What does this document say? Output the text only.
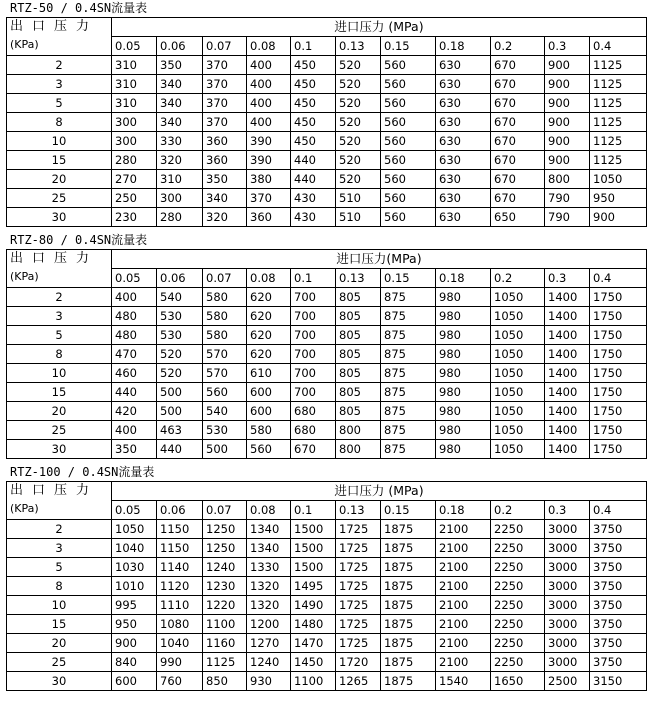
RTZ-50 / 0.4SN流量表
出口压力
(KPa)	进口压力 (MPa)										
	0.05	0.06	0.07	0.08	0.1	0.13	0.15	0.18	0.2	0.3	0.4
2	310	350	370	400	450	520	560	630	670	900	1125
3	310	340	370	400	450	520	560	630	670	900	1125
5	310	340	370	400	450	520	560	630	670	900	1125
8	300	340	370	400	450	520	560	630	670	900	1125
10	300	330	360	390	450	520	560	630	670	900	1125
15	280	320	360	390	440	520	560	630	670	900	1125
20	270	310	350	380	440	520	560	630	670	800	1050
25	250	300	340	370	430	510	560	630	670	790	950
30	230	280	320	360	430	510	560	630	650	790	900
RTZ-80 / 0.4SN流量表
出口压力
(KPa)	进口压力(MPa)										
	0.05	0.06	0.07	0.08	0.1	0.13	0.15	0.18	0.2	0.3	0.4
2	400	540	580	620	700	805	875	980	1050	1400	1750
3	480	530	580	620	700	805	875	980	1050	1400	1750
5	480	530	580	620	700	805	875	980	1050	1400	1750
8	470	520	570	620	700	805	875	980	1050	1400	1750
10	460	520	570	610	700	805	875	980	1050	1400	1750
15	440	500	560	600	700	805	875	980	1050	1400	1750
20	420	500	540	600	680	805	875	980	1050	1400	1750
25	400	463	530	580	680	800	875	980	1050	1400	1750
30	350	440	500	560	670	800	875	980	1050	1400	1750
RTZ-100 / 0.4SN流量表
出口压力
(KPa)	进口压力 (MPa)										
	0.05	0.06	0.07	0.08	0.1	0.13	0.15	0.18	0.2	0.3	0.4
2	1050	1150	1250	1340	1500	1725	1875	2100	2250	3000	3750
3	1040	1150	1250	1340	1500	1725	1875	2100	2250	3000	3750
5	1030	1140	1240	1330	1500	1725	1875	2100	2250	3000	3750
8	1010	1120	1230	1320	1495	1725	1875	2100	2250	3000	3750
10	995	1110	1220	1320	1490	1725	1875	2100	2250	3000	3750
15	950	1080	1100	1200	1480	1725	1875	2100	2250	3000	3750
20	900	1040	1160	1270	1470	1725	1875	2100	2250	3000	3750
25	840	990	1125	1240	1450	1720	1875	2100	2250	3000	3750
30	600	760	850	930	1100	1265	1875	1540	1650	2500	3150
